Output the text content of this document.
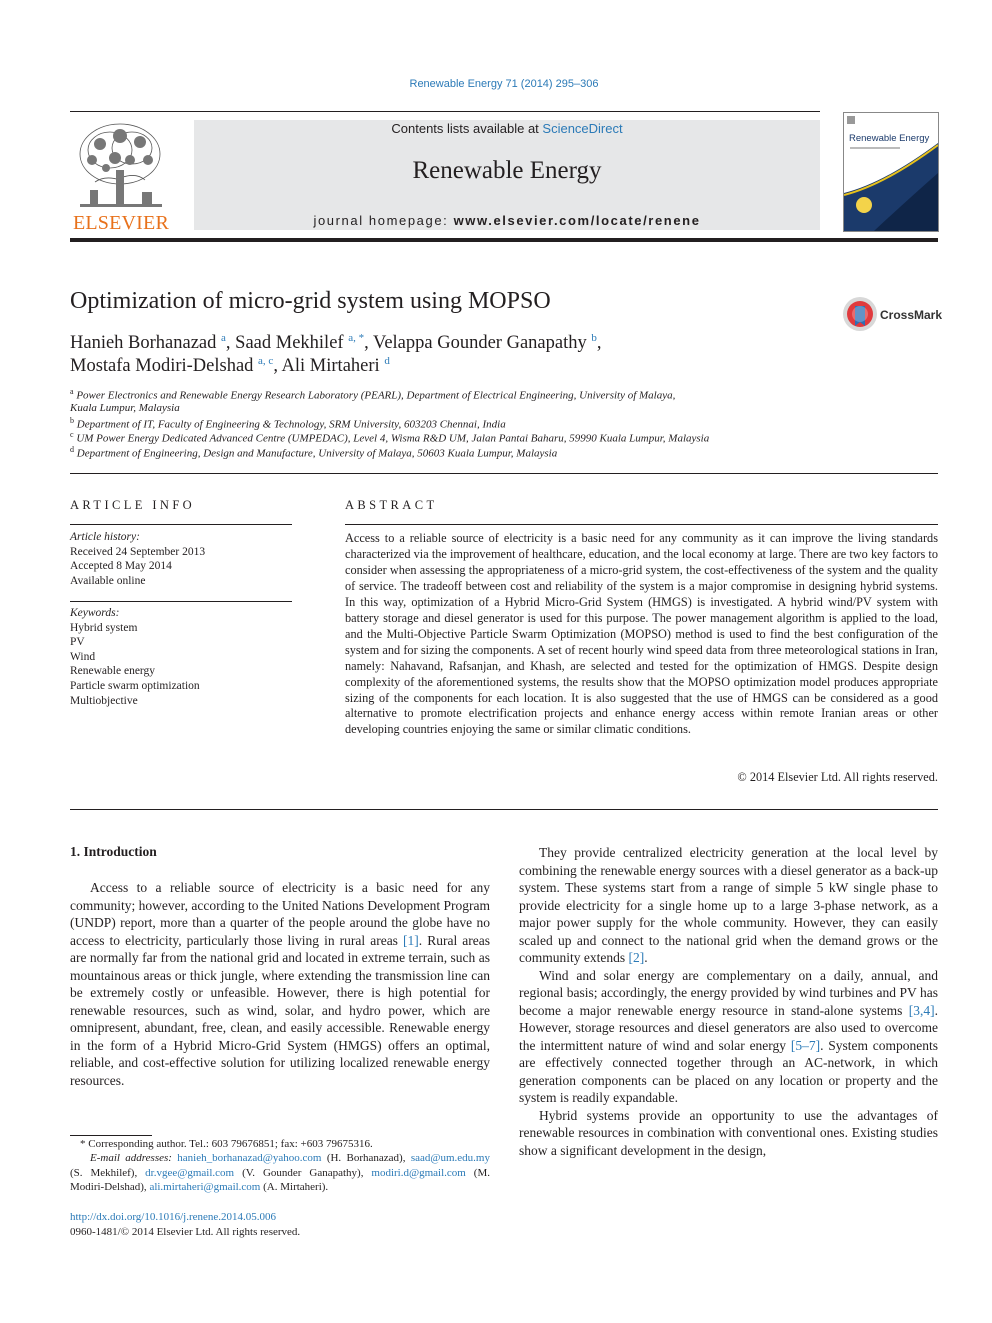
Renewable Energy 71 (2014) 295–306
ELSEVIER
Contents lists available at ScienceDirect
Renewable Energy
journal homepage: www.elsevier.com/locate/renene
Renewable Energy
Optimization of micro-grid system using MOPSO
CrossMark
Hanieh Borhanazad $^a$, Saad Mekhilef $^{a, *}$, Velappa Gounder Ganapathy $^b$,
Mostafa Modiri-Delshad $^{a, c}$, Ali Mirtaheri $^d$
$^a$ Power Electronics and Renewable Energy Research Laboratory (PEARL), Department of Electrical Engineering, University of Malaya,
Kuala Lumpur, Malaysia
$^b$ Department of IT, Faculty of Engineering & Technology, SRM University, 603203 Chennai, India
$^c$ UM Power Energy Dedicated Advanced Centre (UMPEDAC), Level 4, Wisma R&D UM, Jalan Pantai Baharu, 59990 Kuala Lumpur, Malaysia
$^d$ Department of Engineering, Design and Manufacture, University of Malaya, 50603 Kuala Lumpur, Malaysia
ARTICLE INFO
Article history:
Received 24 September 2013
Accepted 8 May 2014
Available online
Keywords:
Hybrid system
PV
Wind
Renewable energy
Particle swarm optimization
Multiobjective
ABSTRACT
Access to a reliable source of electricity is a basic need for any community as it can improve the living standards characterized via the improvement of healthcare, education, and the local economy at large. There are two key factors to consider when assessing the appropriateness of a micro-grid system, the cost-effectiveness of the system and the quality of service. The tradeoff between cost and reliability of the system is a major compromise in designing hybrid systems. In this way, optimization of a Hybrid Micro-Grid System (HMGS) is investigated. A hybrid wind/PV system with battery storage and diesel generator is used for this purpose. The power management algorithm is applied to the load, and the Multi-Objective Particle Swarm Optimization (MOPSO) method is used to find the best configuration of the system and for sizing the components. A set of recent hourly wind speed data from three meteorological stations in Iran, namely: Nahavand, Rafsanjan, and Khash, are selected and tested for the optimization of HMGS. Despite design complexity of the aforementioned systems, the results show that the MOPSO optimization model produces appropriate sizing of the components for each location. It is also suggested that the use of HMGS can be considered as a good alternative to promote electrification projects and enhance energy access within remote Iranian areas or other developing countries enjoying the same or similar climatic conditions.
© 2014 Elsevier Ltd. All rights reserved.
1. Introduction

Access to a reliable source of electricity is a basic need for any community; however, according to the United Nations Development Program (UNDP) report, more than a quarter of the people around the globe have no access to electricity, particularly those living in rural areas [1]. Rural areas are normally far from the national grid and located in extreme terrain, such as mountainous areas or thick jungle, where extending the transmission line can be extremely costly or unfeasible. However, there is high potential for renewable resources, such as wind, solar, and hydro power, which are omnipresent, abundant, free, clean, and easily accessible. Renewable energy in the form of a Hybrid Micro-Grid System (HMGS) offers an optimal, reliable, and cost-effective solution for utilizing localized renewable energy resources.

They provide centralized electricity generation at the local level by combining the renewable energy sources with a diesel generator as a back-up system. These systems start from a range of simple 5 kW single phase to provide electricity for a single home up to a large 3-phase network, as a major power supply for the whole community. However, they can easily scaled up and connect to the national grid when the demand grows or the community extends [2].

Wind and solar energy are complementary on a daily, annual, and regional basis; accordingly, the energy provided by wind turbines and PV has become a major renewable energy resource in stand-alone systems [3,4]. However, storage resources and diesel generators are also used to overcome the intermittent nature of wind and solar energy [5–7]. System components are effectively connected together through an AC-network, in which generation components can be placed on any location or property and the system is readily expandable.

Hybrid systems provide an opportunity to use the advantages of renewable resources in combination with conventional ones. Existing studies show a significant development in the design,

* Corresponding author. Tel.: 603 79676851; fax: +603 79675316.

E-mail addresses: hanieh_borhanazad@yahoo.com (H. Borhanazad), saad@um.edu.my (S. Mekhilef), dr.vgee@gmail.com (V. Gounder Ganapathy), modiri.d@gmail.com (M. Modiri-Delshad), ali.mirtaheri@gmail.com (A. Mirtaheri).

http://dx.doi.org/10.1016/j.renene.2014.05.006
0960-1481/© 2014 Elsevier Ltd. All rights reserved.
